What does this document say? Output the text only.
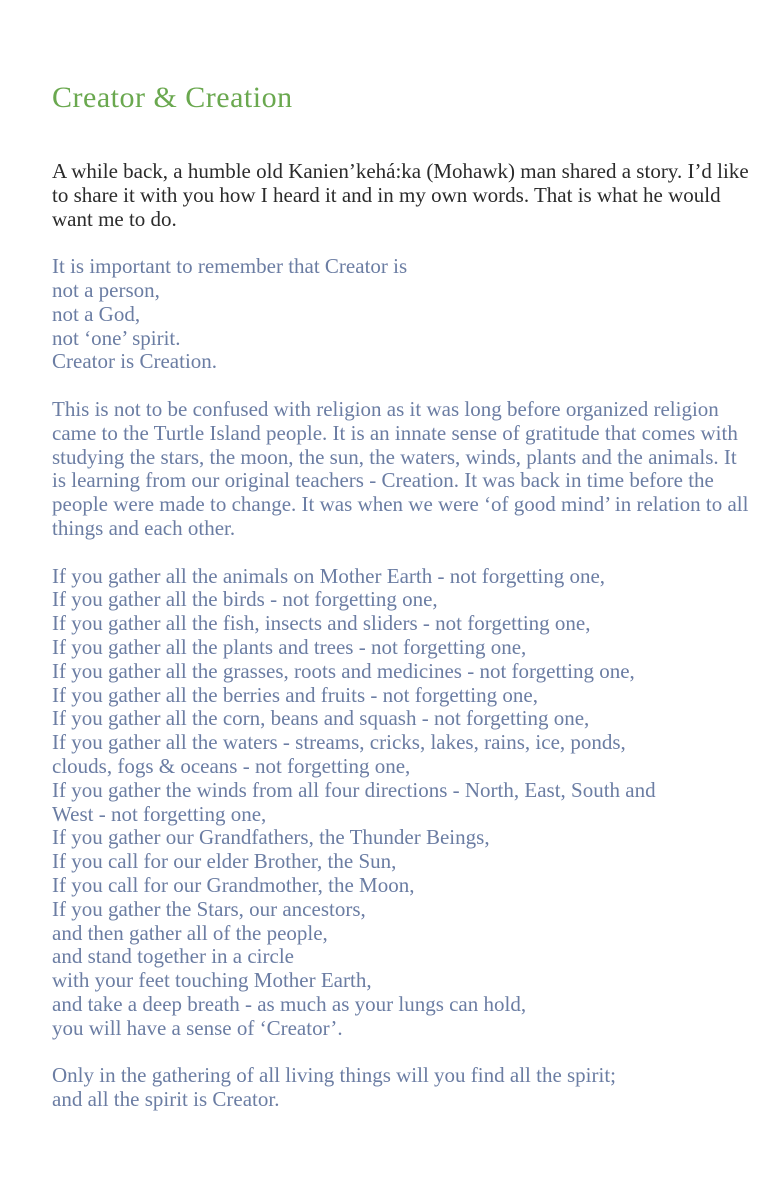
Creator & Creation

A while back, a humble old Kanien’kehá:ka (Mohawk) man shared a story. I’d like to share it with you how I heard it and in my own words. That is what he would want me to do.

It is important to remember that Creator is
not a person,
not a God,
not ‘one’ spirit.
Creator is Creation.

This is not to be confused with religion as it was long before organized religion came to the Turtle Island people. It is an innate sense of gratitude that comes with studying the stars, the moon, the sun, the waters, winds, plants and the animals. It is learning from our original teachers - Creation. It was back in time before the people were made to change. It was when we were ‘of good mind’ in relation to all things and each other.

If you gather all the animals on Mother Earth - not forgetting one,
If you gather all the birds - not forgetting one,
If you gather all the fish, insects and sliders - not forgetting one,
If you gather all the plants and trees - not forgetting one,
If you gather all the grasses, roots and medicines - not forgetting one,
If you gather all the berries and fruits - not forgetting one,
If you gather all the corn, beans and squash - not forgetting one,
If you gather all the waters - streams, cricks, lakes, rains, ice, ponds,
clouds, fogs & oceans - not forgetting one,
If you gather the winds from all four directions - North, East, South and
West - not forgetting one,
If you gather our Grandfathers, the Thunder Beings,
If you call for our elder Brother, the Sun,
If you call for our Grandmother, the Moon,
If you gather the Stars, our ancestors,
and then gather all of the people,
and stand together in a circle
with your feet touching Mother Earth,
and take a deep breath - as much as your lungs can hold,
you will have a sense of ‘Creator’.
Only in the gathering of all living things will you find all the spirit;
and all the spirit is Creator.
